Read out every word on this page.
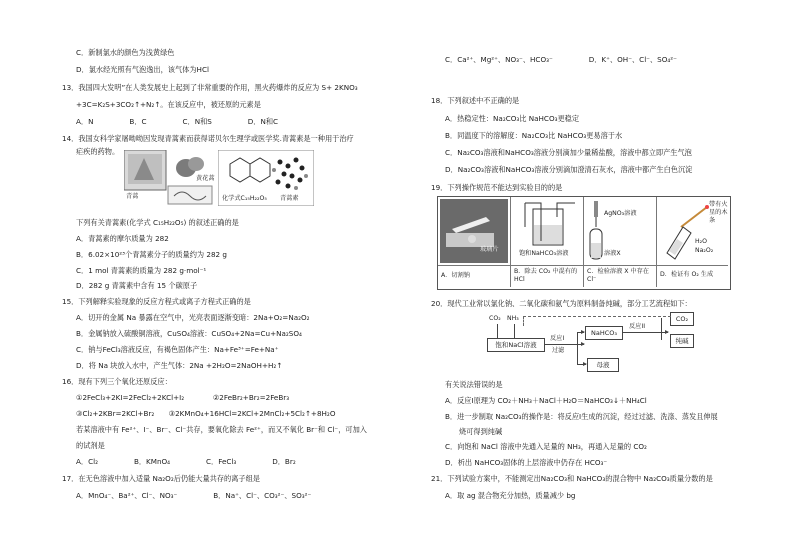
C．新制氯水的颜色为浅黄绿色
D．氯水经光照有气泡逸出，该气体为HCl
13．我国四大发明”在人类发展史上起到了非常重要的作用，黑火药爆炸的反应为 S+ 2KNO₃
+3C=K₂S+3CO₂↑+N₂↑。在该反应中，被还原的元素是
A．N　　　　　B．C　　　　　C．N和S　　　　　D．N和C
14．我国女科学家屠呦呦因发现青蒿素而获得诺贝尔生理学或医学奖.青蒿素是一种用于治疗
疟疾的药物。
青蒿
黄花蒿
化学式C₁₅H₂₂O₅ 青蒿素
下列有关青蒿素(化学式 C₁₅H₂₂O₅) 的叙述正确的是
A．青蒿素的摩尔质量为 282
B．6.02×10²³个青蒿素分子的质量约为 282 g
C．1 mol 青蒿素的质量为 282 g·mol⁻¹
D．282 g 青蒿素中含有 15 个碳原子
15．下列解释实验现象的反应方程式或离子方程式正确的是
A．切开的金属 Na 暴露在空气中，光亮表面逐渐变暗：2Na+O₂=Na₂O₂
B．金属钠放入硫酸铜溶液，CuSO₄溶液：CuSO₄+2Na=Cu+Na₂SO₄
C．钠与FeCl₃溶液反应，有褐色固体产生：Na+Fe³⁺=Fe+Na⁺
D．将 Na 块放入水中，产生气体：2Na +2H₂O=2NaOH+H₂↑
16．现有下列三个氧化还原反应：
①2FeCl₃+2KI=2FeCl₂+2KCl+I₂　　　　②2FeBr₂+Br₂=2FeBr₃
③Cl₂+2KBr=2KCl+Br₂　　③2KMnO₄+16HCl=2KCl+2MnCl₂+5Cl₂↑+8H₂O
若某溶液中有 Fe²⁺、I⁻、Br⁻、Cl⁻共存，要氧化除去 Fe²⁺，而又不氧化 Br⁻和 Cl⁻，可加入
的试剂是
A．Cl₂　　　　　B．KMnO₄　　　　　C．FeCl₃　　　　　D．Br₂
17．在无色溶液中加入适量 Na₂O₂后仍能大量共存的离子组是
A．MnO₄⁻、Ba²⁺、Cl⁻、NO₃⁻　　　　　B．Na⁺、Cl⁻、CO₃²⁻、SO₃²⁻
C．Ca²⁺、Mg²⁺、NO₃⁻、HCO₃⁻　　　　　D．K⁺、OH⁻、Cl⁻、SO₄²⁻
18．下列叙述中不正确的是
A．热稳定性：Na₂CO₃比 NaHCO₃更稳定
B．同温度下的溶解度：Na₂CO₃比 NaHCO₃更易溶于水
C．Na₂CO₃溶液和NaHCO₃溶液分别滴加少量稀盐酸，溶液中都立即产生气泡
D．Na₂CO₃溶液和NaHCO₃溶液分别滴加澄清石灰水，溶液中都产生白色沉淀
19．下列操作规范不能达到实验目的的是
玻璃片
A．切割钠
饱和NaHCO₃溶液
B．除去 CO₂ 中混有的 HCl
AgNO₃溶液
溶液X
C．检验溶液 X 中存在 Cl⁻
带有火星的木条
H₂O
Na₂O₂
D．检证有 O₂ 生成
20．现代工业常以氯化钠、二氧化碳和氨气为原料制备纯碱，部分工艺流程如下：
CO₂ NH₃
饱和NaCl溶液
反应I
过滤
NaHCO₃
母液
反应II
CO₂
纯碱
有关说法错误的是
A．反应Ⅰ原理为 CO₂＋NH₃＋NaCl＋H₂O＝NaHCO₃↓＋NH₄Cl
B．进一步制取 Na₂CO₃的操作是：将反应Ⅰ生成的沉淀，经过过滤、洗涤、蒸发且伸展
烧可得到纯碱
C．向饱和 NaCl 溶液中先通入足量的 NH₃，再通入足量的 CO₂
D．析出 NaHCO₃固体的上层溶液中仍存在 HCO₃⁻
21．下列试验方案中，不能测定出Na₂CO₃和 NaHCO₃的混合物中 Na₂CO₃质量分数的是
A．取 ag 混合物充分加热，质量减少 bg
